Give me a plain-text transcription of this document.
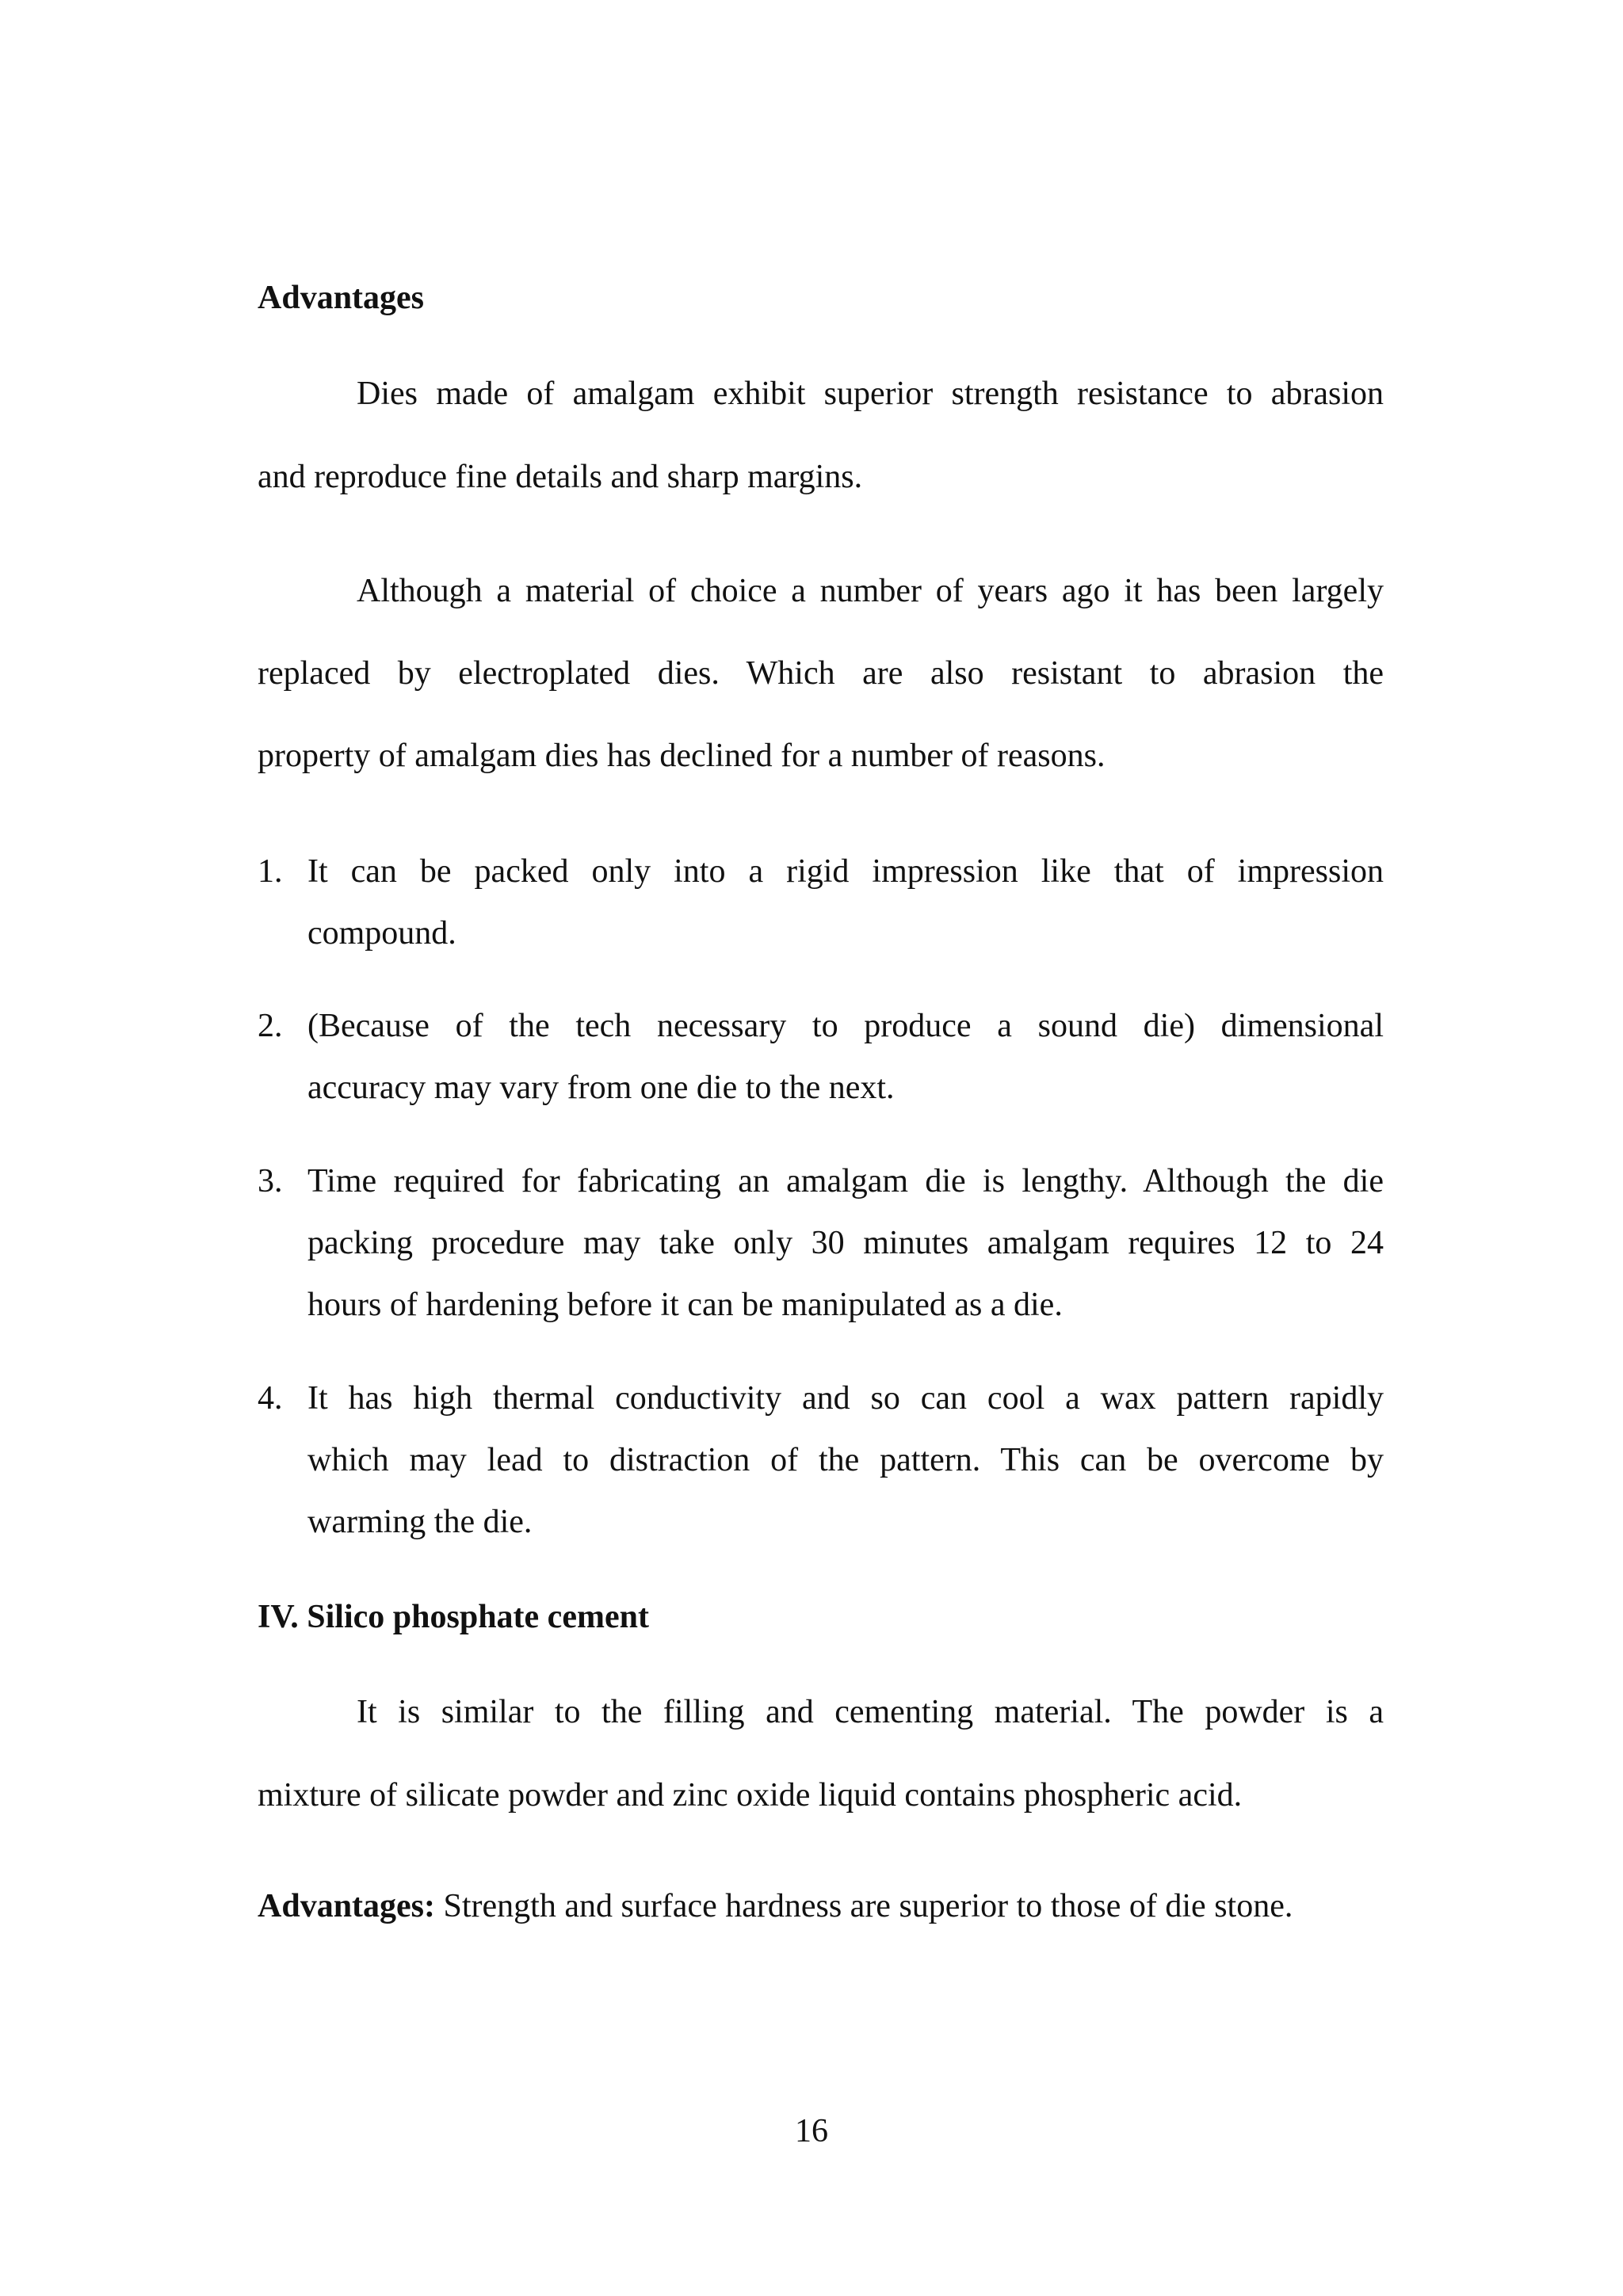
Advantages
Dies made of amalgam exhibit superior strength resistance to abrasion
and reproduce fine details and sharp margins.
Although a material of choice a number of years ago it has been largely
replaced by electroplated dies. Which are also resistant to abrasion the
property of amalgam dies has declined for a number of reasons.
1. It can be packed only into a rigid impression like that of impression
compound.
2. (Because of the tech necessary to produce a sound die) dimensional
accuracy may vary from one die to the next.
3. Time required for fabricating an amalgam die is lengthy. Although the die
packing procedure may take only 30 minutes amalgam requires 12 to 24
hours of hardening before it can be manipulated as a die.
4. It has high thermal conductivity and so can cool a wax pattern rapidly
which may lead to distraction of the pattern. This can be overcome by
warming the die.
IV. Silico phosphate cement
It is similar to the filling and cementing material. The powder is a
mixture of silicate powder and zinc oxide liquid contains phospheric acid.
Advantages: Strength and surface hardness are superior to those of die stone.
16
